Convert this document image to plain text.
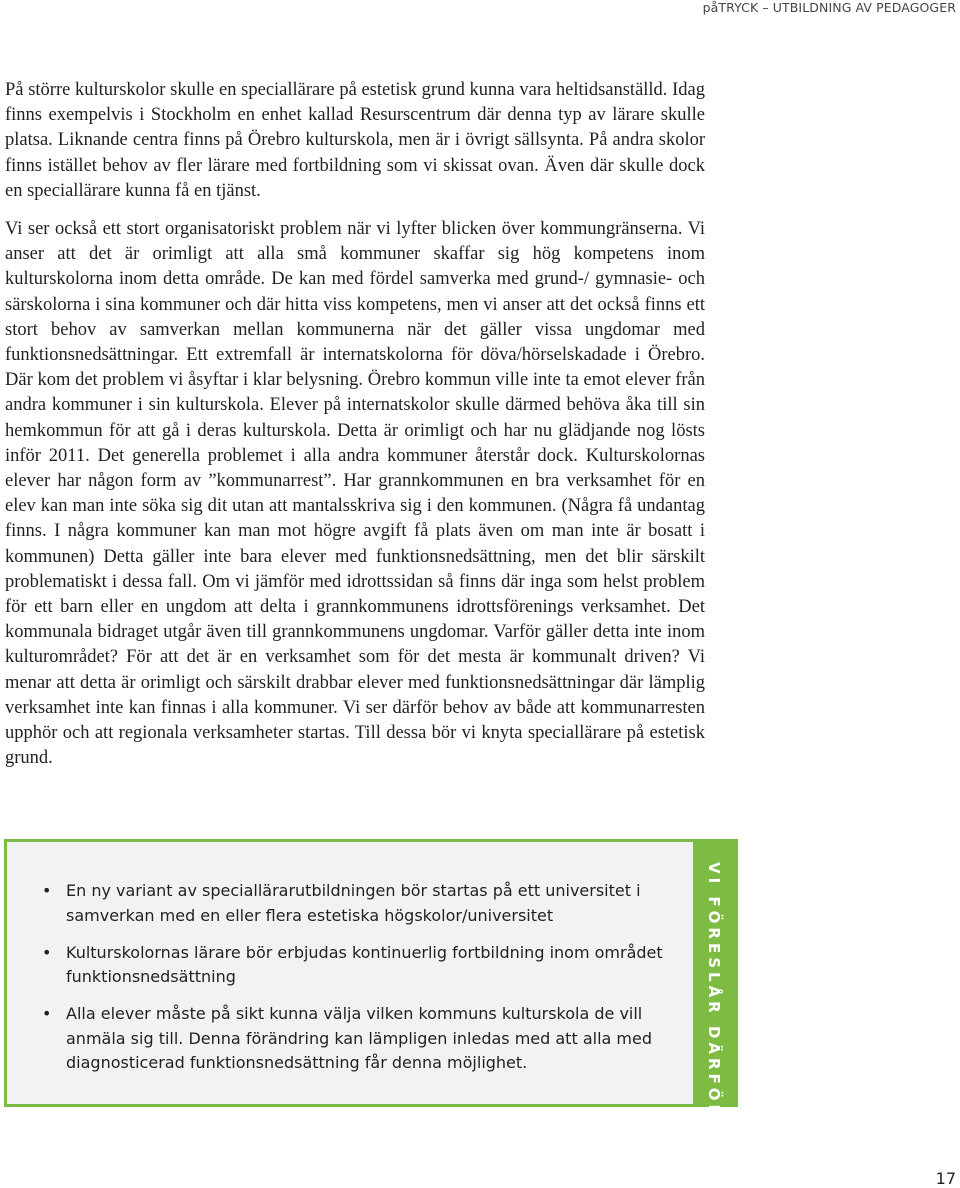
påTRYCK – UTBILDNING AV PEDAGOGER

På större kulturskolor skulle en speciallärare på estetisk grund kunna vara heltidsanställd. Idag finns exempelvis i Stockholm en enhet kallad Resurscentrum där denna typ av lärare skulle platsa. Liknande centra finns på Örebro kulturskola, men är i övrigt sällsynta. På andra skolor finns istället behov av fler lärare med fortbildning som vi skissat ovan. Även där skulle dock en speciallärare kunna få en tjänst.

Vi ser också ett stort organisatoriskt problem när vi lyfter blicken över kommungränserna. Vi anser att det är orimligt att alla små kommuner skaffar sig hög kompetens inom kulturskolorna inom detta område. De kan med fördel samverka med grund-/ gymnasie- och särskolorna i sina kommuner och där hitta viss kompetens, men vi anser att det också finns ett stort behov av samverkan mellan kommunerna när det gäller vissa ungdomar med funktionsnedsättningar. Ett extremfall är internatskolorna för döva/hörselskadade i Örebro. Där kom det problem vi åsyftar i klar belysning. Örebro kommun ville inte ta emot elever från andra kommuner i sin kulturskola. Elever på internatskolor skulle därmed behöva åka till sin hemkommun för att gå i deras kulturskola. Detta är orimligt och har nu glädjande nog lösts inför 2011. Det generella problemet i alla andra kommuner återstår dock. Kulturskolornas elever har någon form av ”kommunarrest”. Har grannkommunen en bra verksamhet för en elev kan man inte söka sig dit utan att mantalsskriva sig i den kommunen. (Några få undantag finns. I några kommuner kan man mot högre avgift få plats även om man inte är bosatt i kommunen) Detta gäller inte bara elever med funktionsnedsättning, men det blir särskilt problematiskt i dessa fall. Om vi jämför med idrottssidan så finns där inga som helst problem för ett barn eller en ungdom att delta i grannkommunens idrottsförenings verksamhet. Det kommunala bidraget utgår även till grannkommunens ungdomar. Varför gäller detta inte inom kulturområdet? För att det är en verksamhet som för det mesta är kommunalt driven? Vi menar att detta är orimligt och särskilt drabbar elever med funktionsnedsättningar där lämplig verksamhet inte kan finnas i alla kommuner. Vi ser därför behov av både att kommunarresten upphör och att regionala verksamheter startas. Till dessa bör vi knyta speciallärare på estetisk grund.

• En ny variant av speciallärarutbildningen bör startas på ett universitet i samverkan med en eller flera estetiska högskolor/universitet
• Kulturskolornas lärare bör erbjudas kontinuerlig fortbildning inom området funktionsnedsättning
• Alla elever måste på sikt kunna välja vilken kommuns kulturskola de vill anmäla sig till. Denna förändring kan lämpligen inledas med att alla med diagnosticerad funktionsnedsättning får denna möjlighet.	VI FÖRESLÅR DÄRFÖR …
17
